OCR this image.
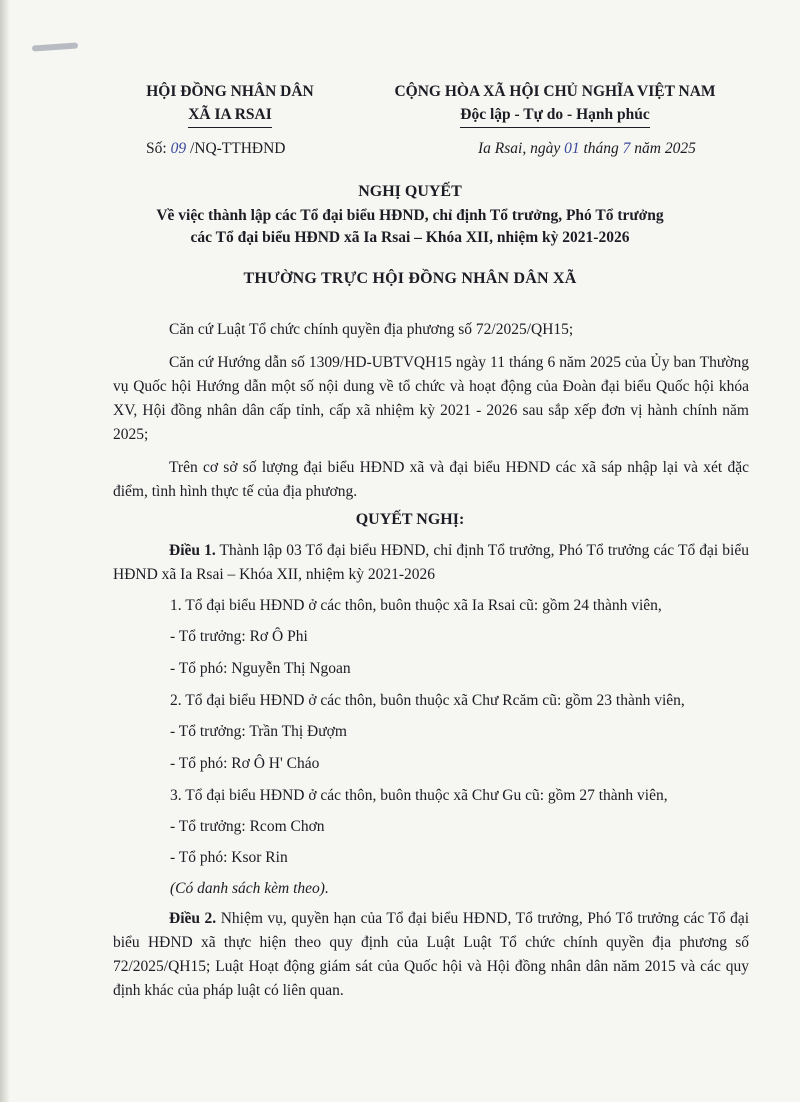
HỘI ĐỒNG NHÂN DÂN
XÃ IA RSAI
CỘNG HÒA XÃ HỘI CHỦ NGHĨA VIỆT NAM
Độc lập - Tự do - Hạnh phúc
Số: 09 /NQ-TTHĐND	Ia Rsai, ngày 01 tháng 7 năm 2025
NGHỊ QUYẾT
Về việc thành lập các Tổ đại biểu HĐND, chỉ định Tổ trưởng, Phó Tổ trưởng
các Tổ đại biểu HĐND xã Ia Rsai – Khóa XII, nhiệm kỳ 2021-2026
THƯỜNG TRỰC HỘI ĐỒNG NHÂN DÂN XÃ
Căn cứ Luật Tổ chức chính quyền địa phương số 72/2025/QH15;
Căn cứ Hướng dẫn số 1309/HD-UBTVQH15 ngày 11 tháng 6 năm 2025 của Ủy ban Thường vụ Quốc hội Hướng dẫn một số nội dung về tổ chức và hoạt động của Đoàn đại biểu Quốc hội khóa XV, Hội đồng nhân dân cấp tỉnh, cấp xã nhiệm kỳ 2021 - 2026 sau sắp xếp đơn vị hành chính năm 2025;
Trên cơ sở số lượng đại biểu HĐND xã và đại biểu HĐND các xã sáp nhập lại và xét đặc điểm, tình hình thực tế của địa phương.
QUYẾT NGHỊ:
Điều 1. Thành lập 03 Tổ đại biểu HĐND, chỉ định Tổ trưởng, Phó Tổ trưởng các Tổ đại biểu HĐND xã Ia Rsai – Khóa XII, nhiệm kỳ 2021-2026
1. Tổ đại biểu HĐND ở các thôn, buôn thuộc xã Ia Rsai cũ: gồm 24 thành viên,
- Tổ trưởng: Rơ Ô Phi
- Tổ phó: Nguyễn Thị Ngoan
2. Tổ đại biểu HĐND ở các thôn, buôn thuộc xã Chư Rcăm cũ: gồm 23 thành viên,
- Tổ trưởng: Trần Thị Đượm
- Tổ phó: Rơ Ô H' Cháo
3. Tổ đại biểu HĐND ở các thôn, buôn thuộc xã Chư Gu cũ: gồm 27 thành viên,
- Tổ trưởng: Rcom Chơn
- Tổ phó: Ksor Rin
(Có danh sách kèm theo).
Điều 2. Nhiệm vụ, quyền hạn của Tổ đại biểu HĐND, Tổ trưởng, Phó Tổ trưởng các Tổ đại biểu HĐND xã thực hiện theo quy định của Luật Luật Tổ chức chính quyền địa phương số 72/2025/QH15; Luật Hoạt động giám sát của Quốc hội và Hội đồng nhân dân năm 2015 và các quy định khác của pháp luật có liên quan.
